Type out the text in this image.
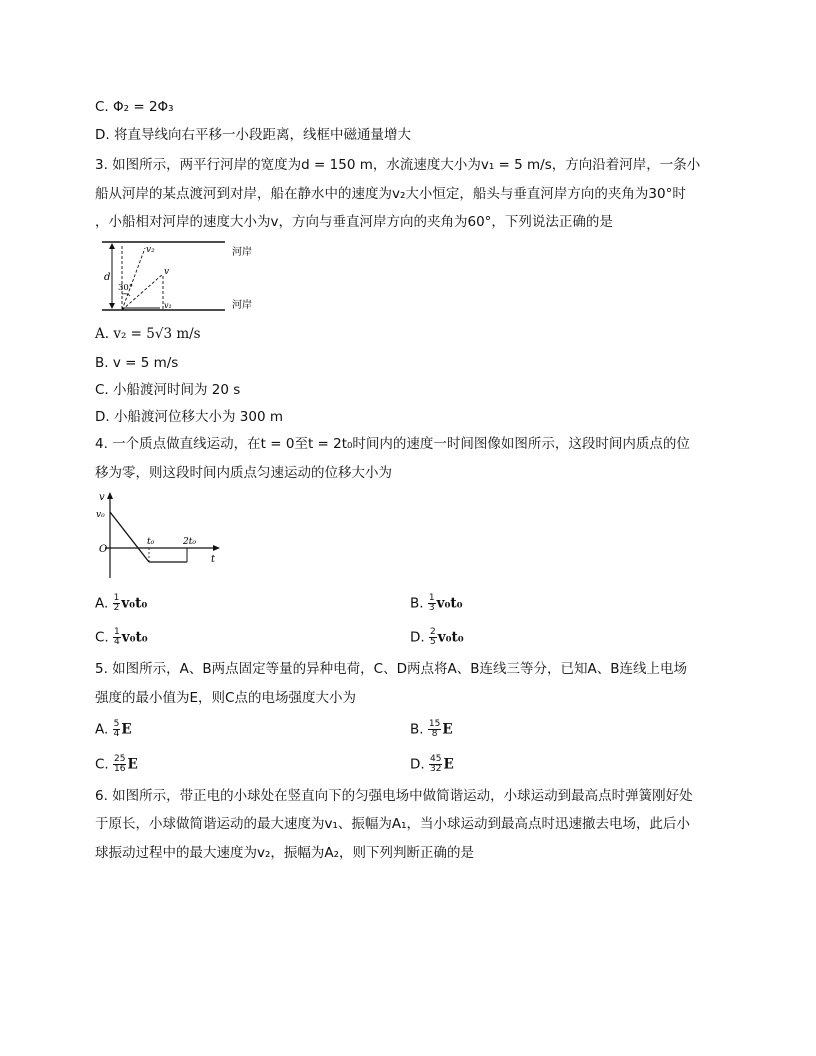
C. Φ₂ = 2Φ₃
D. 将直导线向右平移一小段距离，线框中磁通量增大
3. 如图所示，两平行河岸的宽度为d = 150 m，水流速度大小为v₁ = 5 m/s，方向沿着河岸，一条小
船从河岸的某点渡河到对岸，船在静水中的速度为v₂大小恒定，船头与垂直河岸方向的夹角为30°时
，小船相对河岸的速度大小为v，方向与垂直河岸方向的夹角为60°，下列说法正确的是
d
v₂
v
v₁
30°
河岸
河岸
A. v₂ = 5√3 m/s
B. v = 5 m/s
C. 小船渡河时间为 20 s
D. 小船渡河位移大小为 300 m
4. 一个质点做直线运动，在t = 0至t = 2t₀时间内的速度一时间图像如图所示，这段时间内质点的位
移为零，则这段时间内质点匀速运动的位移大小为
v
v₀
O
t₀	2t₀
t
A. $\frac{1}{2} v_0t_0$	B. $\frac{1}{3} v_0t_0$
C. $\frac{1}{4} v_0t_0$	D. $\frac{2}{5} v_0t_0$
5. 如图所示，A、B两点固定等量的异种电荷，C、D两点将A、B连线三等分，已知A、B连线上电场
强度的最小值为E，则C点的电场强度大小为
A. $\frac{5}{4}$ E	B. $\frac{15}{8}$ E
C. $\frac{25}{16}$ E	D. $\frac{45}{32}$ E
6. 如图所示，带正电的小球处在竖直向下的匀强电场中做简谐运动，小球运动到最高点时弹簧刚好处
于原长，小球做简谐运动的最大速度为v₁、振幅为A₁，当小球运动到最高点时迅速撤去电场，此后小
球振动过程中的最大速度为v₂，振幅为A₂，则下列判断正确的是
